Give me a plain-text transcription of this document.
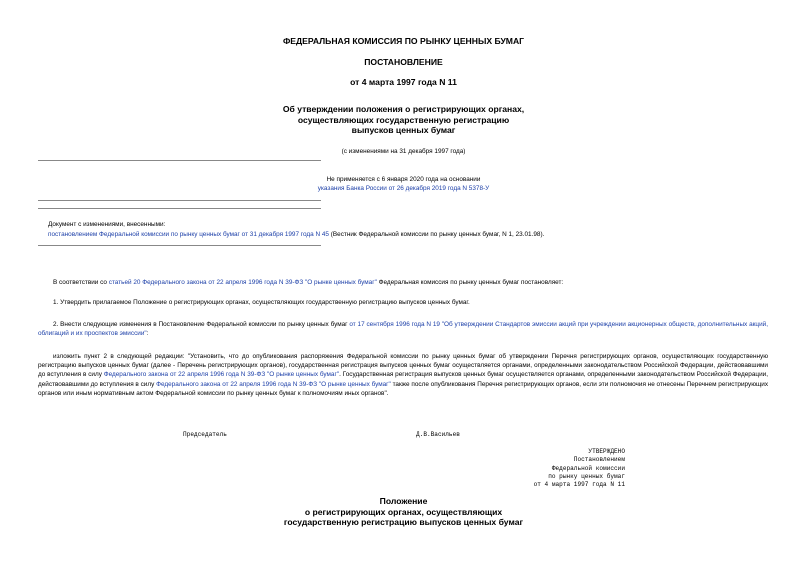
ФЕДЕРАЛЬНАЯ КОМИССИЯ ПО РЫНКУ ЦЕННЫХ БУМАГ
ПОСТАНОВЛЕНИЕ
от 4 марта 1997 года N 11
Об утверждении положения о регистрирующих органах,
осуществляющих государственную регистрацию
выпусков ценных бумаг
(с изменениями на 31 декабря 1997 года)
Не применяется с 6 января 2020 года на основании
указания Банка России от 26 декабря 2019 года N 5378-У
Документ с изменениями, внесенными:
постановлением Федеральной комиссии по рынку ценных бумаг от 31 декабря 1997 года N 45 (Вестник Федеральной комиссии по рынку ценных бумаг, N 1, 23.01.98).
В соответствии со статьей 20 Федерального закона от 22 апреля 1996 года N 39-ФЗ "О рынке ценных бумаг" Федеральная комиссия по рынку ценных бумаг постановляет:
1. Утвердить прилагаемое Положение о регистрирующих органах, осуществляющих государственную регистрацию выпусков ценных бумаг.
2. Внести следующие изменения в Постановление Федеральной комиссии по рынку ценных бумаг от 17 сентября 1996 года N 19 "Об утверждении Стандартов эмиссии акций при учреждении акционерных обществ, дополнительных акций, облигаций и их проспектов эмиссии":
изложить пункт 2 в следующей редакции: "Установить, что до опубликования распоряжения Федеральной комиссии по рынку ценных бумаг об утверждении Перечня регистрирующих органов, осуществляющих государственную регистрацию выпусков ценных бумаг (далее - Перечень регистрирующих органов), государственная регистрация выпусков ценных бумаг осуществляется органами, определенными законодательством Российской Федерации, действовавшими до вступления в силу Федерального закона от 22 апреля 1996 года N 39-ФЗ "О рынке ценных бумаг". Государственная регистрация выпусков ценных бумаг осуществляется органами, определенными законодательством Российской Федерации, действовавшими до вступления в силу Федерального закона от 22 апреля 1996 года N 39-ФЗ "О рынке ценных бумаг" также после опубликования Перечня регистрирующих органов, если эти полномочия не отнесены Перечнем регистрирующих органов или иным нормативным актом Федеральной комиссии по рынку ценных бумаг к полномочиям иных органов".
Председатель	Д.В.Васильев
УТВЕРЖДЕНО
Постановлением
Федеральной комиссии
по рынку ценных бумаг
от 4 марта 1997 года N 11
Положение
о регистрирующих органах, осуществляющих
государственную регистрацию выпусков ценных бумаг
